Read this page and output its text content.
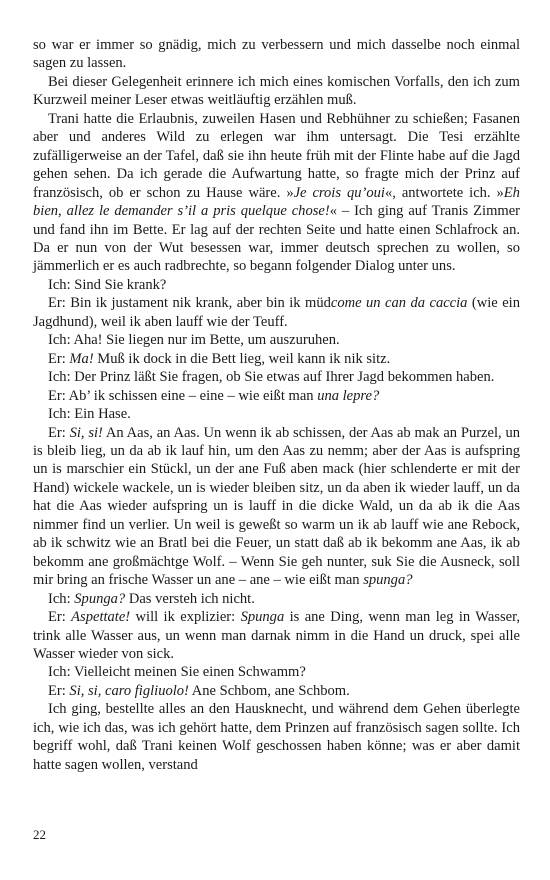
so war er immer so gnädig, mich zu verbessern und mich dasselbe noch einmal sagen zu lassen.

Bei dieser Gelegenheit erinnere ich mich eines komischen Vorfalls, den ich zum Kurzweil meiner Leser etwas weitläuftig erzählen muß.

Trani hatte die Erlaubnis, zuweilen Hasen und Rebhühner zu schießen; Fasanen aber und anderes Wild zu erlegen war ihm untersagt. Die Tesi erzählte zufälligerweise an der Tafel, daß sie ihn heute früh mit der Flinte habe auf die Jagd gehen sehen. Da ich gerade die Aufwartung hatte, so fragte mich der Prinz auf französisch, ob er schon zu Hause wäre. »Je crois qu’oui«, antwortete ich. »Eh bien, allez le demander s’il a pris quelque chose!« – Ich ging auf Tranis Zimmer und fand ihn im Bette. Er lag auf der rechten Seite und hatte einen Schlafrock an. Da er nun von der Wut besessen war, immer deutsch sprechen zu wollen, so jämmerlich er es auch radbrechte, so begann folgender Dialog unter uns.

Ich: Sind Sie krank?

Er: Bin ik justament nik krank, aber bin ik müdcome un can da caccia (wie ein Jagdhund), weil ik aben lauff wie der Teuff.

Ich: Aha! Sie liegen nur im Bette, um auszuruhen.

Er: Ma! Muß ik dock in die Bett lieg, weil kann ik nik sitz.

Ich: Der Prinz läßt Sie fragen, ob Sie etwas auf Ihrer Jagd bekommen haben.

Er: Ab’ ik schissen eine – eine – wie eißt man una lepre?

Ich: Ein Hase.

Er: Si, si! An Aas, an Aas. Un wenn ik ab schissen, der Aas ab mak an Purzel, un is bleib lieg, un da ab ik lauf hin, um den Aas zu nemm; aber der Aas is aufspring un is marschier ein Stückl, un der ane Fuß aben mack (hier schlenderte er mit der Hand) wickele wackele, un is wieder bleiben sitz, un da aben ik wieder lauff, un da hat die Aas wieder aufspring un is lauff in die dicke Wald, un da ab ik die Aas nimmer find un verlier. Un weil is geweßt so warm un ik ab lauff wie ane Rebock, ab ik schwitz wie an Bratl bei die Feuer, un statt daß ab ik bekomm ane Aas, ik ab bekomm ane großmächtge Wolf. – Wenn Sie geh nunter, suk Sie die Ausneck, soll mir bring an frische Wasser un ane – ane – wie eißt man spunga?

Ich: Spunga? Das versteh ich nicht.

Er: Aspettate! will ik explizier: Spunga is ane Ding, wenn man leg in Wasser, trink alle Wasser aus, un wenn man darnak nimm in die Hand un druck, spei alle Wasser wieder von sick.

Ich: Vielleicht meinen Sie einen Schwamm?

Er: Si, si, caro figliuolo! Ane Schbom, ane Schbom.

Ich ging, bestellte alles an den Hausknecht, und während dem Gehen überlegte ich, wie ich das, was ich gehört hatte, dem Prinzen auf französisch sagen sollte. Ich begriff wohl, daß Trani keinen Wolf geschossen haben könne; was er aber damit hatte sagen wollen, verstand

22
